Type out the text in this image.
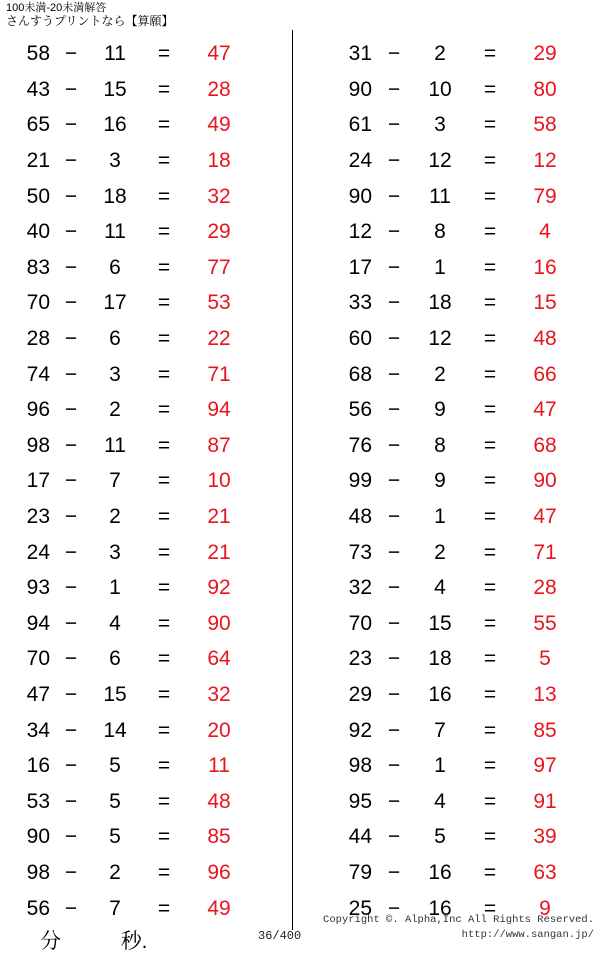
100未満-20未満解答
さんすうプリントなら【算願】
58 −	11	=	47
43 −	15	=	28
65 −	16	=	49
21 −	3	=	18
50 −	18	=	32
40 −	11	=	29
83 −	6	=	77
70 −	17	=	53
28 −	6	=	22
74 −	3	=	71
96 −	2	=	94
98 −	11	=	87
17 −	7	=	10
23 −	2	=	21
24 −	3	=	21
93 −	1	=	92
94 −	4	=	90
70 −	6	=	64
47 −	15	=	32
34 −	14	=	20
16 −	5	=	11
53 −	5	=	48
90 −	5	=	85
98 −	2	=	96
56 −	7	=	49
31 −	2	=	29
90 −	10	=	80
61 −	3	=	58
24 −	12	=	12
90 −	11	=	79
12 −	8	=	4
17 −	1	=	16
33 −	18	=	15
60 −	12	=	48
68 −	2	=	66
56 −	9	=	47
76 −	8	=	68
99 −	9	=	90
48 −	1	=	47
73 −	2	=	71
32 −	4	=	28
70 −	15	=	55
23 −	18	=	5
29 −	16	=	13
92 −	7	=	85
98 −	1	=	97
95 −	4	=	91
44 −	5	=	39
79 −	16	=	63
25 −	16	=	9
分	秒.	36/400
Copyright ©. Alpha,Inc All Rights Reserved.
http://www.sangan.jp/
